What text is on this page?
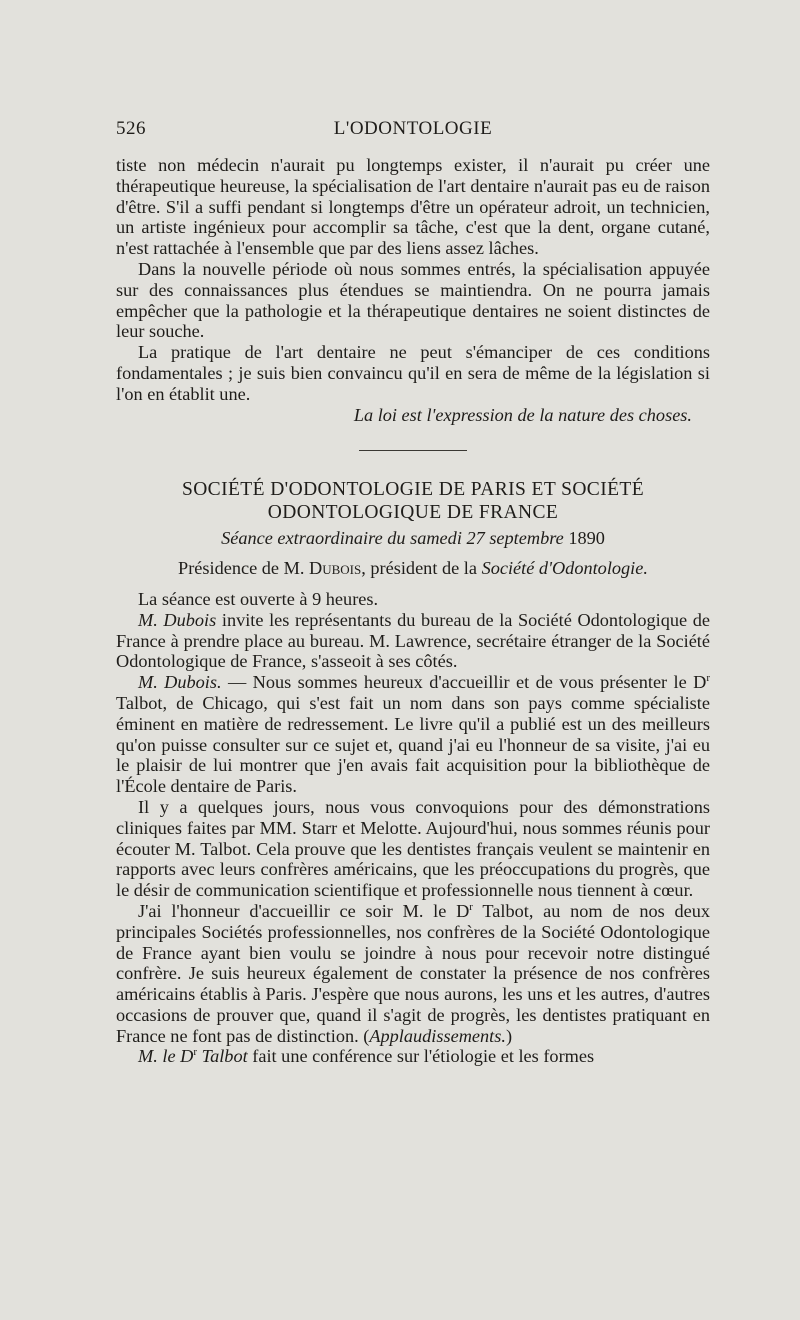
526	L'ODONTOLOGIE

tiste non médecin n'aurait pu longtemps exister, il n'aurait pu créer une thérapeutique heureuse, la spécialisation de l'art dentaire n'aurait pas eu de raison d'être. S'il a suffi pendant si longtemps d'être un opérateur adroit, un technicien, un artiste ingénieux pour accomplir sa tâche, c'est que la dent, organe cutané, n'est rattachée à l'ensemble que par des liens assez lâches.

Dans la nouvelle période où nous sommes entrés, la spécialisation appuyée sur des connaissances plus étendues se maintiendra. On ne pourra jamais empêcher que la pathologie et la thérapeutique dentaires ne soient distinctes de leur souche.

La pratique de l'art dentaire ne peut s'émanciper de ces conditions fondamentales ; je suis bien convaincu qu'il en sera de même de la législation si l'on en établit une.

La loi est l'expression de la nature des choses.

SOCIÉTÉ D'ODONTOLOGIE DE PARIS ET SOCIÉTÉ ODONTOLOGIQUE DE FRANCE

Séance extraordinaire du samedi 27 septembre 1890

Présidence de M. Dubois, président de la Société d'Odontologie.

La séance est ouverte à 9 heures.

M. Dubois invite les représentants du bureau de la Société Odontologique de France à prendre place au bureau. M. Lawrence, secrétaire étranger de la Société Odontologique de France, s'asseoit à ses côtés.

M. Dubois. — Nous sommes heureux d'accueillir et de vous présenter le $D^r$ Talbot, de Chicago, qui s'est fait un nom dans son pays comme spécialiste éminent en matière de redressement. Le livre qu'il a publié est un des meilleurs qu'on puisse consulter sur ce sujet et, quand j'ai eu l'honneur de sa visite, j'ai eu le plaisir de lui montrer que j'en avais fait acquisition pour la bibliothèque de l'École dentaire de Paris.

Il y a quelques jours, nous vous convoquions pour des démonstrations cliniques faites par MM. Starr et Melotte. Aujourd'hui, nous sommes réunis pour écouter M. Talbot. Cela prouve que les dentistes français veulent se maintenir en rapports avec leurs confrères américains, que les préoccupations du progrès, que le désir de communication scientifique et professionnelle nous tiennent à cœur.

J'ai l'honneur d'accueillir ce soir M. le $D^r$ Talbot, au nom de nos deux principales Sociétés professionnelles, nos confrères de la Société Odontologique de France ayant bien voulu se joindre à nous pour recevoir notre distingué confrère. Je suis heureux également de constater la présence de nos confrères américains établis à Paris. J'espère que nous aurons, les uns et les autres, d'autres occasions de prouver que, quand il s'agit de progrès, les dentistes pratiquant en France ne font pas de distinction. (Applaudissements.)

M. le $D^r$ Talbot fait une conférence sur l'étiologie et les formes
